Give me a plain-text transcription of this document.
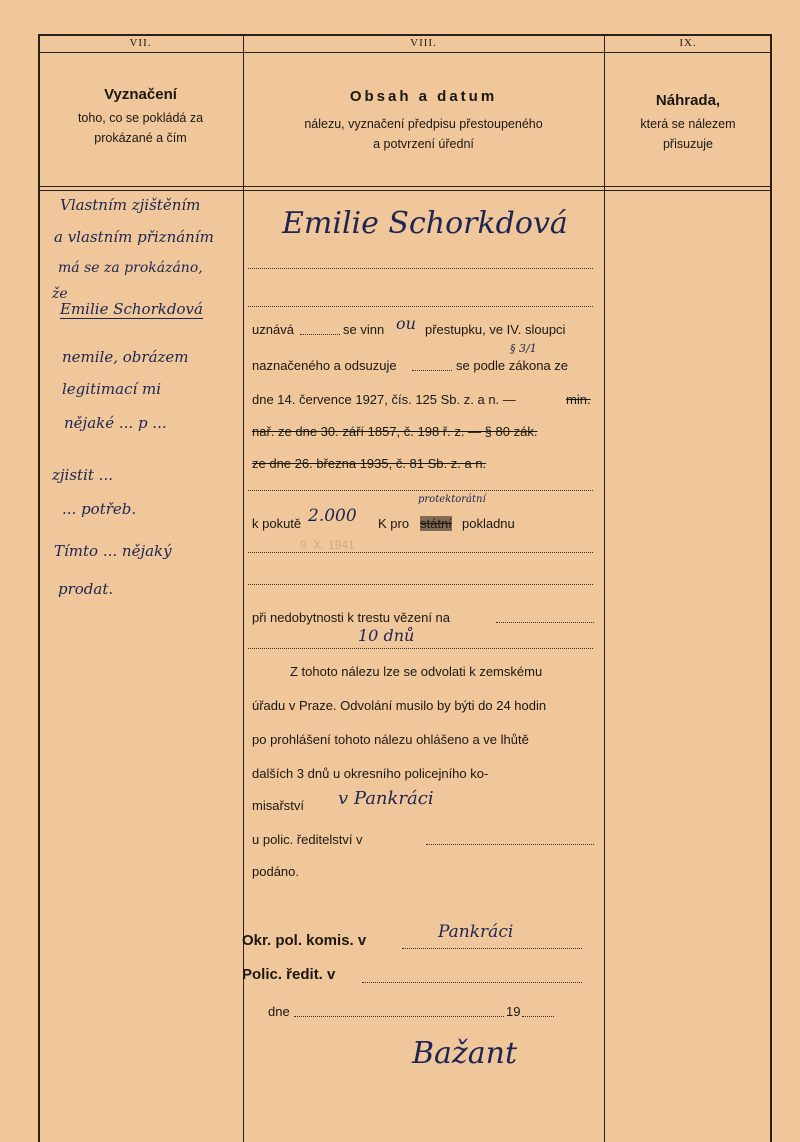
VII.	VIII.	IX.
Vyznačení
toho, co se pokládá za
prokázané a čím
Obsah a datum
nálezu, vyznačení předpisu přestoupeného
a potvrzení úřední
Náhrada,
která se nálezem
přisuzuje
Vlastním zjištěním
a vlastním přiznáním
má se za prokázáno,
že
Emilie Schorkdová
nemile, obrázem
legitimací mi
nějaké ... p ...
zjistit ...
... potřeb.
Tímto ... nějaký
prodat.
9. X. 1941
Emilie Schorkdová
uznává	se vinn ou přestupku, ve IV. sloupci
§ 3/1
naznačeného a odsuzuje	se podle zákona ze
dne 14. července 1927, čís. 125 Sb. z. a n. —	min.
nař. ze dne 30. září 1857, č. 198 ř. z. — § 80 zák.
ze dne 26. března 1935, č. 81 Sb. z. a n.
protektorátní
k pokutě 2.000 K pro státní pokladnu
při nedobytnosti k trestu vězení na
10 dnů
Z tohoto nálezu lze se odvolati k zemskému
úřadu v Praze. Odvolání musilo by býti do 24 hodin
po prohlášení tohoto nálezu ohlášeno a ve lhůtě
dalších 3 dnů u okresního policejního ko-
misařství v Pankráci
u polic. ředitelství v
podáno.
Okr. pol. komis. v	Pankráci
Polic. ředit. v
dne	19
Bažant
